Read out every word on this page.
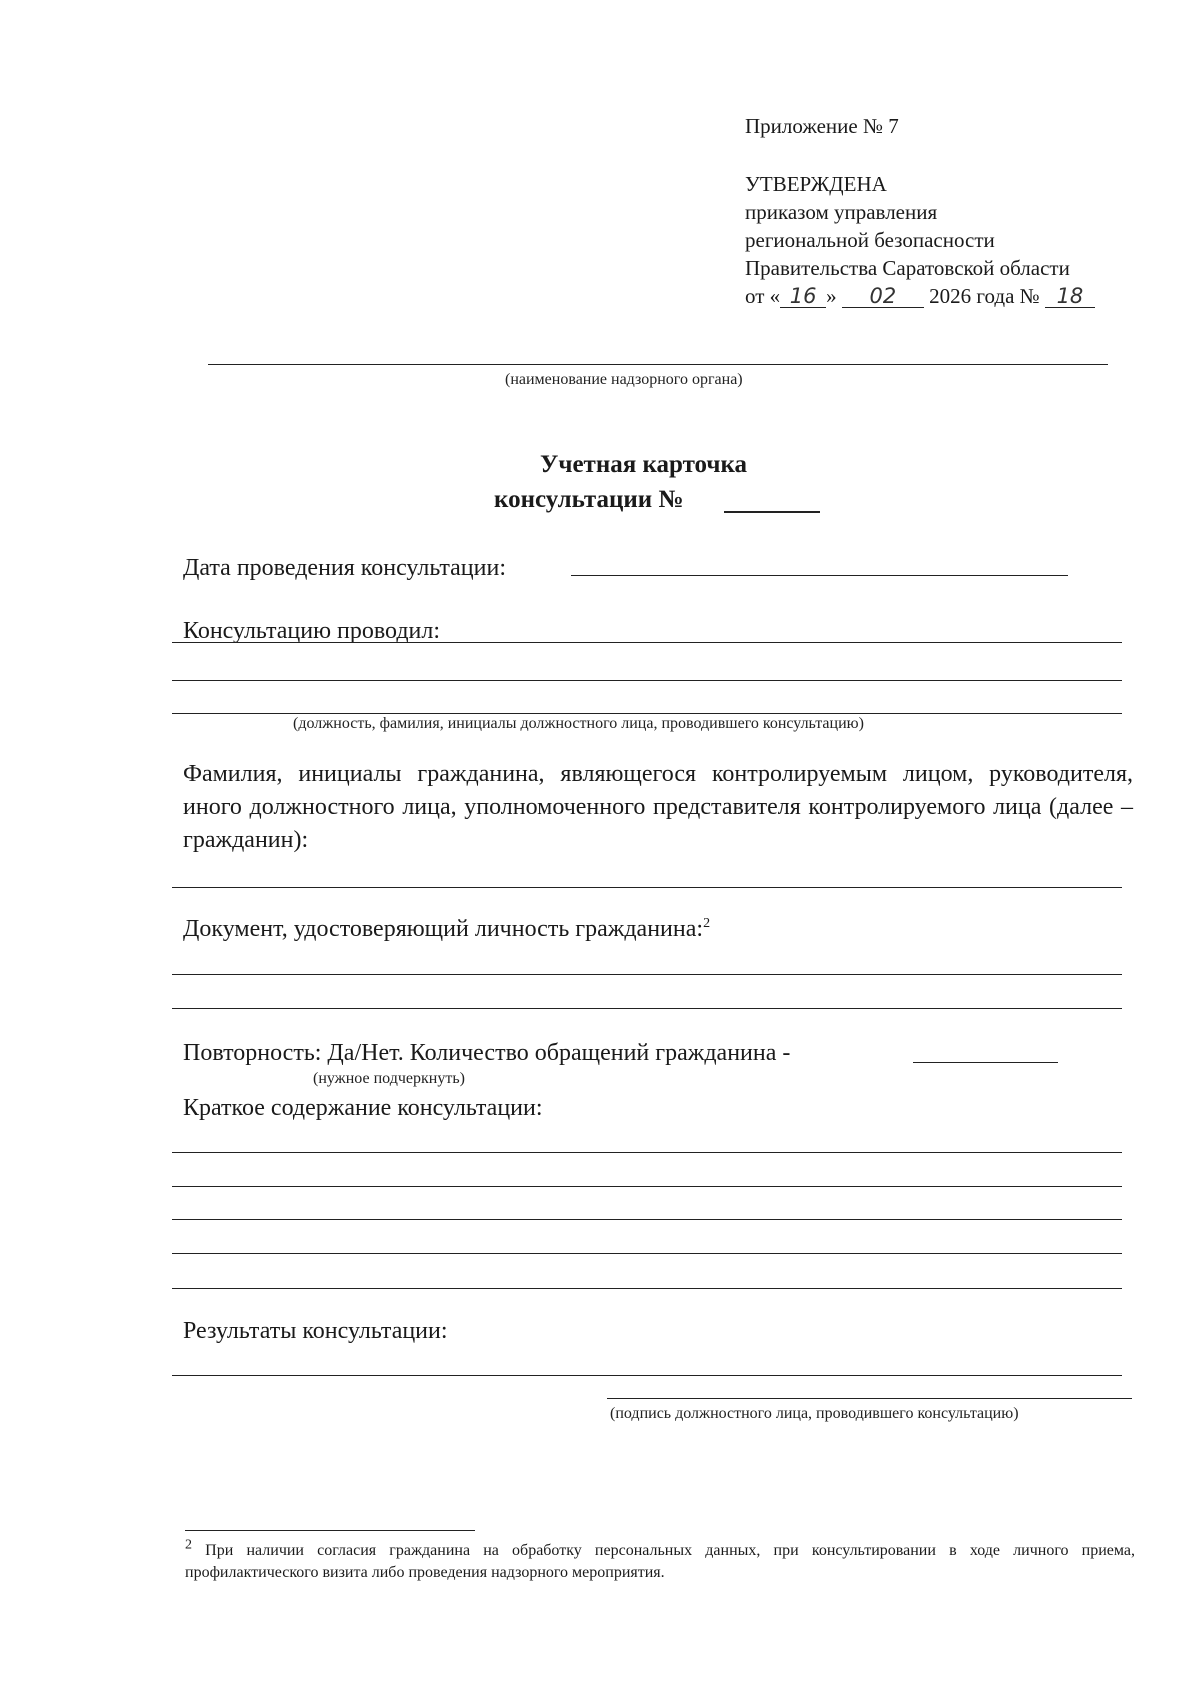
Приложение № 7
УТВЕРЖДЕНА
приказом управления
региональной безопасности
Правительства Саратовской области
от « 16 » 02 2026 года № 18
(наименование надзорного органа)
Учетная карточка
консультации №
Дата проведения консультации:
Консультацию проводил:
(должность, фамилия, инициалы должностного лица, проводившего консультацию)
Фамилия, инициалы гражданина, являющегося контролируемым лицом, руководителя, иного должностного лица, уполномоченного представителя контролируемого лица (далее – гражданин):
Документ, удостоверяющий личность гражданина:$^2$
Повторность: Да/Нет. Количество обращений гражданина -
(нужное подчеркнуть)
Краткое содержание консультации:
Результаты консультации:
(подпись должностного лица, проводившего консультацию)
$^2$ При наличии согласия гражданина на обработку персональных данных, при консультировании в ходе личного приема, профилактического визита либо проведения надзорного мероприятия.
